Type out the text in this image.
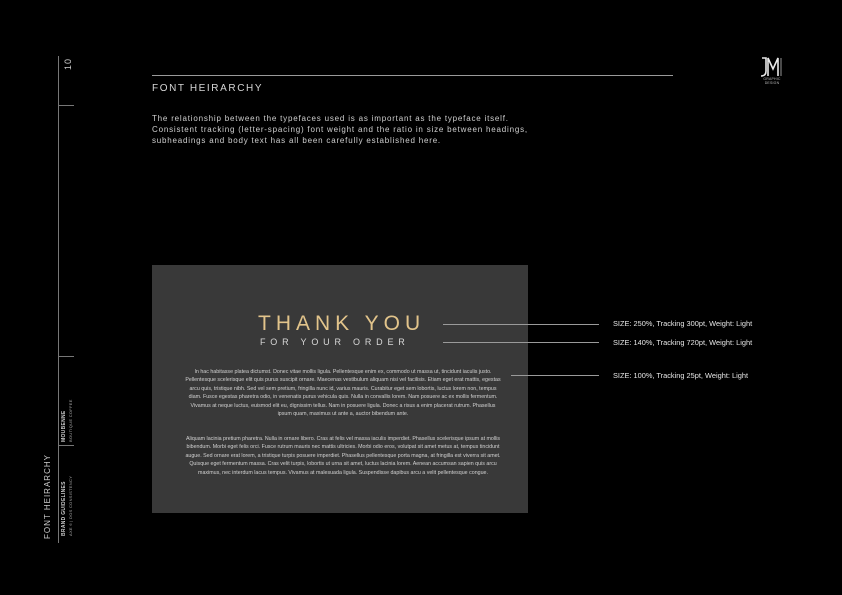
10
FONT HEIRARCHY
MOUBENNE BOUTIQUE COFFEE
BRAND GUIDELINES AXE 6 | DOS CONSISTENCY
GRAPHIC DESIGN
FONT HEIRARCHY
The relationship between the typefaces used is as important as the typeface itself.
Consistent tracking (letter-spacing) font weight and the ratio in size between headings,
subheadings and body text has all been carefully established here.
THANK YOU
FOR YOUR ORDER
In hac habitasse platea dictumst. Donec vitae mollis ligula. Pellentesque enim ex, commodo ut massa ut, tincidunt iaculis justo. Pellentesque scelerisque elit quis purus suscipit ornare. Maecenas vestibulum aliquam nisi vel facilisis. Etiam eget erat mattis, egestas arcu quis, tristique nibh. Sed vel sem pretium, fringilla nunc id, varius mauris. Curabitur eget sem lobortis, luctus lorem non, tempus diam. Fusce egestas pharetra odio, in venenatis purus vehicula quis. Nulla in convallis lorem. Nam posuere ac ex mollis fermentum. Vivamus at neque luctus, euismod elit eu, dignissim tellus. Nam in posuere ligula. Donec a risus a enim placerat rutrum. Phasellus ipsum quam, maximus ut ante a, auctor bibendum ante.
Aliquam lacinia pretium pharetra. Nulla in ornare libero. Cras at felis vel massa iaculis imperdiet. Phasellus scelerisque ipsum at mollis bibendum. Morbi eget felis orci. Fusce rutrum mauris nec mattis ultricies. Morbi odio eros, volutpat sit amet metus at, tempus tincidunt augue. Sed ornare erat lorem, a tristique turpis posuere imperdiet. Phasellus pellentesque porta magna, at fringilla est viverra sit amet. Quisque eget fermentum massa. Cras velit turpis, lobortis ut urna sit amet, luctus lacinia lorem. Aenean accumsan sapien quis arcu maximus, nec interdum lacus tempus. Vivamus at malesuada ligula. Suspendisse dapibus arcu a velit pellentesque congue.
SIZE: 250%, Tracking 300pt, Weight: Light
SIZE: 140%, Tracking 720pt, Weight: Light
SIZE: 100%, Tracking 25pt, Weight: Light
